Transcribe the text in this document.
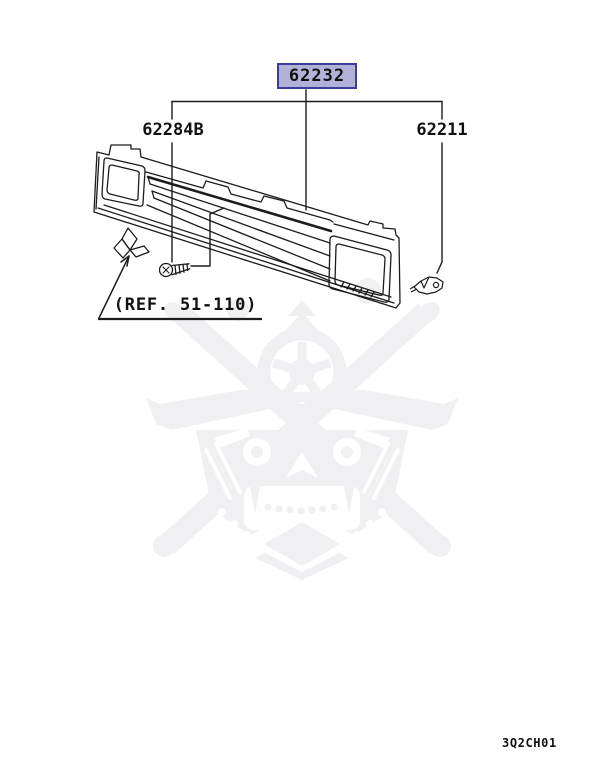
62232
62284B	62211
(REF. 51-110)
3Q2CH01
